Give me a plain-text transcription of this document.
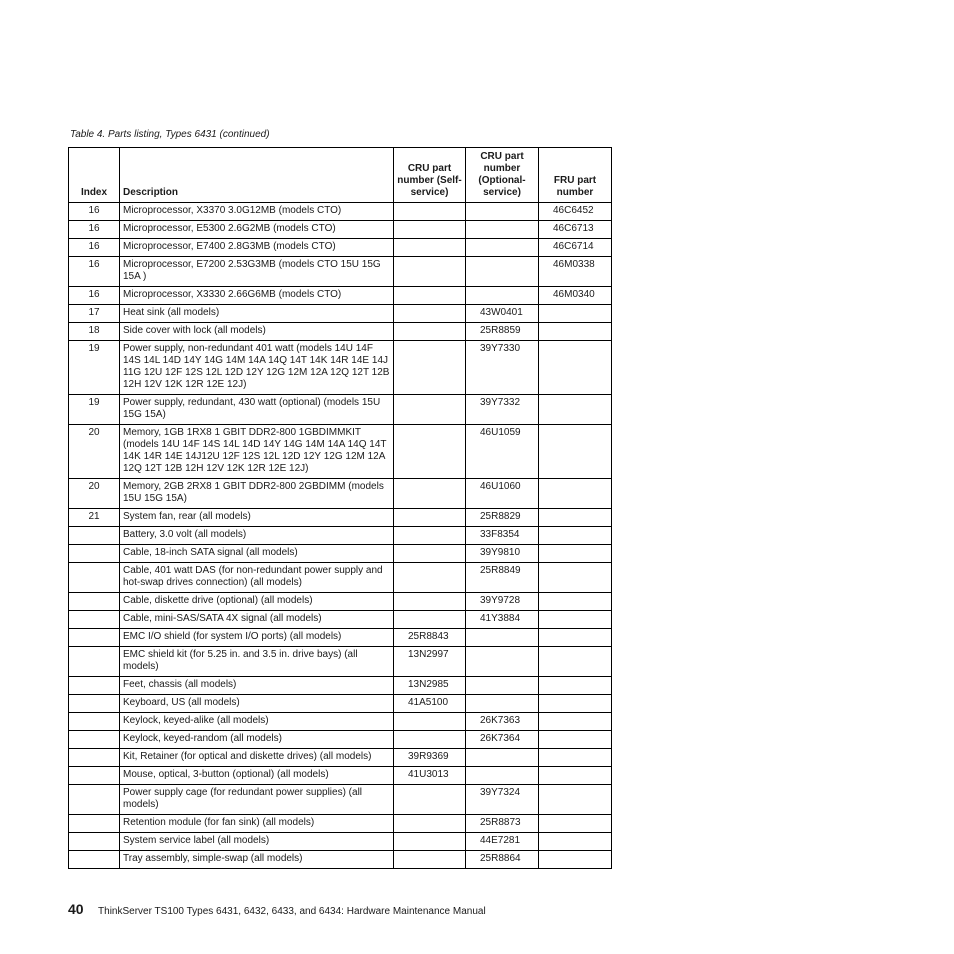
Table 4. Parts listing, Types 6431 (continued)
Index	Description	CRU part number (Self-service)	CRU part number (Optional-service)	FRU part number
16	Microprocessor, X3370 3.0G12MB (models CTO)			46C6452
16	Microprocessor, E5300 2.6G2MB (models CTO)			46C6713
16	Microprocessor, E7400 2.8G3MB (models CTO)			46C6714
16	Microprocessor, E7200 2.53G3MB (models CTO 15U 15G 15A )			46M0338
16	Microprocessor, X3330 2.66G6MB (models CTO)			46M0340
17	Heat sink (all models)		43W0401	
18	Side cover with lock (all models)		25R8859	
19	Power supply, non-redundant 401 watt (models 14U 14F 14S 14L 14D 14Y 14G 14M 14A 14Q 14T 14K 14R 14E 14J 11G 12U 12F 12S 12L 12D 12Y 12G 12M 12A 12Q 12T 12B 12H 12V 12K 12R 12E 12J)		39Y7330	
19	Power supply, redundant, 430 watt (optional) (models 15U 15G 15A)		39Y7332	
20	Memory, 1GB 1RX8 1 GBIT DDR2-800 1GBDIMMKIT (models 14U 14F 14S 14L 14D 14Y 14G 14M 14A 14Q 14T 14K 14R 14E 14J12U 12F 12S 12L 12D 12Y 12G 12M 12A 12Q 12T 12B 12H 12V 12K 12R 12E 12J)		46U1059	
20	Memory, 2GB 2RX8 1 GBIT DDR2-800 2GBDIMM (models 15U 15G 15A)		46U1060	
21	System fan, rear (all models)		25R8829	
	Battery, 3.0 volt (all models)		33F8354	
	Cable, 18-inch SATA signal (all models)		39Y9810	
	Cable, 401 watt DAS (for non-redundant power supply and hot-swap drives connection) (all models)		25R8849	
	Cable, diskette drive (optional) (all models)		39Y9728	
	Cable, mini-SAS/SATA 4X signal (all models)		41Y3884	
	EMC I/O shield (for system I/O ports) (all models)	25R8843		
	EMC shield kit (for 5.25 in. and 3.5 in. drive bays) (all models)	13N2997		
	Feet, chassis (all models)	13N2985		
	Keyboard, US (all models)	41A5100		
	Keylock, keyed-alike (all models)		26K7363	
	Keylock, keyed-random (all models)		26K7364	
	Kit, Retainer (for optical and diskette drives) (all models)	39R9369		
	Mouse, optical, 3-button (optional) (all models)	41U3013		
	Power supply cage (for redundant power supplies) (all models)		39Y7324	
	Retention module (for fan sink) (all models)		25R8873	
	System service label (all models)		44E7281	
	Tray assembly, simple-swap (all models)		25R8864	
40 ThinkServer TS100 Types 6431, 6432, 6433, and 6434: Hardware Maintenance Manual
